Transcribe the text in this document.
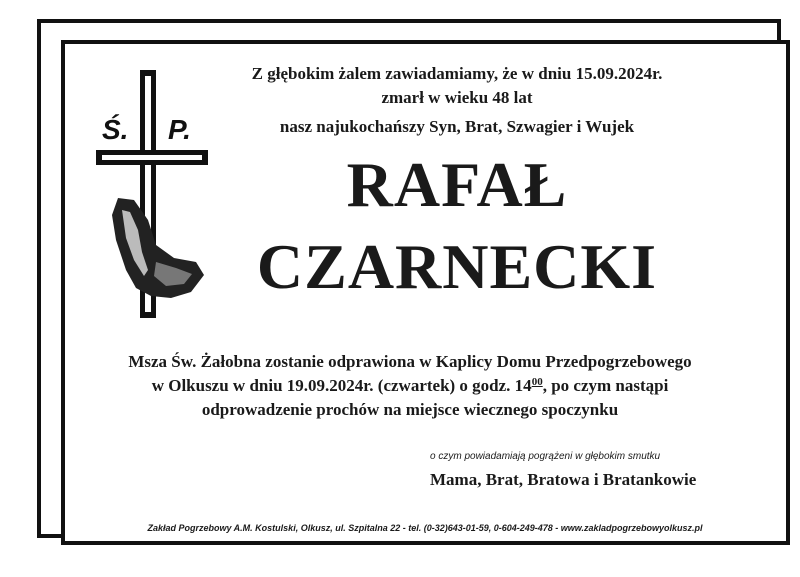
Ś. P.
Z głębokim żalem zawiadamiamy, że w dniu 15.09.2024r.
zmarł w wieku 48 lat
nasz najukochańszy Syn, Brat, Szwagier i Wujek
RAFAŁ
CZARNECKI
Msza Św. Żałobna zostanie odprawiona w Kaplicy Domu Przedpogrzebowego
w Olkuszu w dniu 19.09.2024r. (czwartek) o godz. $14^{00}$, po czym nastąpi
odprowadzenie prochów na miejsce wiecznego spoczynku
o czym powiadamiają pogrążeni w głębokim smutku
Mama, Brat, Bratowa i Bratankowie
Zakład Pogrzebowy A.M. Kostulski, Olkusz, ul. Szpitalna 22 - tel. (0-32)643-01-59, 0-604-249-478 - www.zakladpogrzebowyolkusz.pl
